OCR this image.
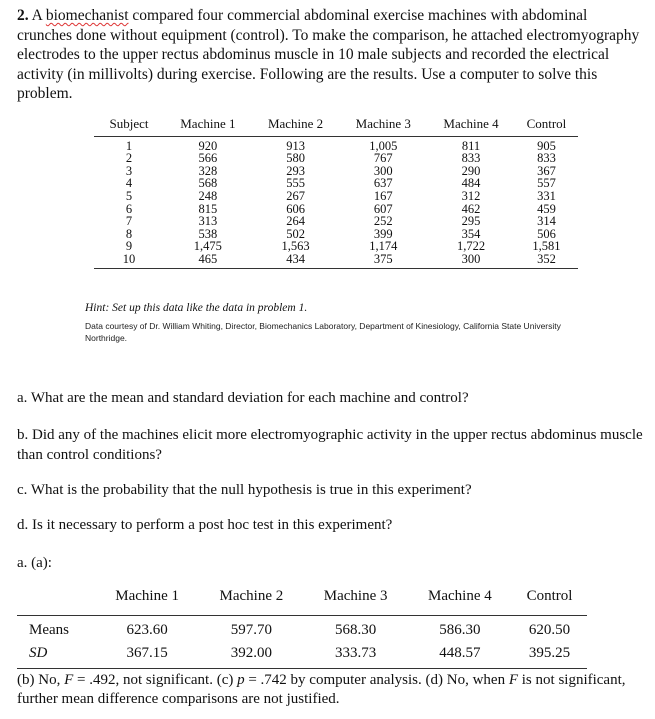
2. A biomechanist compared four commercial abdominal exercise machines with abdominal crunches done without equipment (control). To make the comparison, he attached electromyography electrodes to the upper rectus abdominus muscle in 10 male subjects and recorded the electrical activity (in millivolts) during exercise. Following are the results. Use a computer to solve this problem.
Subject	Machine 1	Machine 2	Machine 3	Machine 4	Control
1	920	913	1,005	811	905
2	566	580	767	833	833
3	328	293	300	290	367
4	568	555	637	484	557
5	248	267	167	312	331
6	815	606	607	462	459
7	313	264	252	295	314
8	538	502	399	354	506
9	1,475	1,563	1,174	1,722	1,581
10	465	434	375	300	352
Hint: Set up this data like the data in problem 1.
Data courtesy of Dr. William Whiting, Director, Biomechanics Laboratory, Department of Kinesiology, California State University Northridge.
a. What are the mean and standard deviation for each machine and control?
b. Did any of the machines elicit more electromyographic activity in the upper rectus abdominus muscle than control conditions?
c. What is the probability that the null hypothesis is true in this experiment?
d. Is it necessary to perform a post hoc test in this experiment?
a. (a):
	Machine 1	Machine 2	Machine 3	Machine 4	Control
Means	623.60	597.70	568.30	586.30	620.50
SD	367.15	392.00	333.73	448.57	395.25
(b) No, F = .492, not significant. (c) p = .742 by computer analysis. (d) No, when F is not significant, further mean difference comparisons are not justified.
